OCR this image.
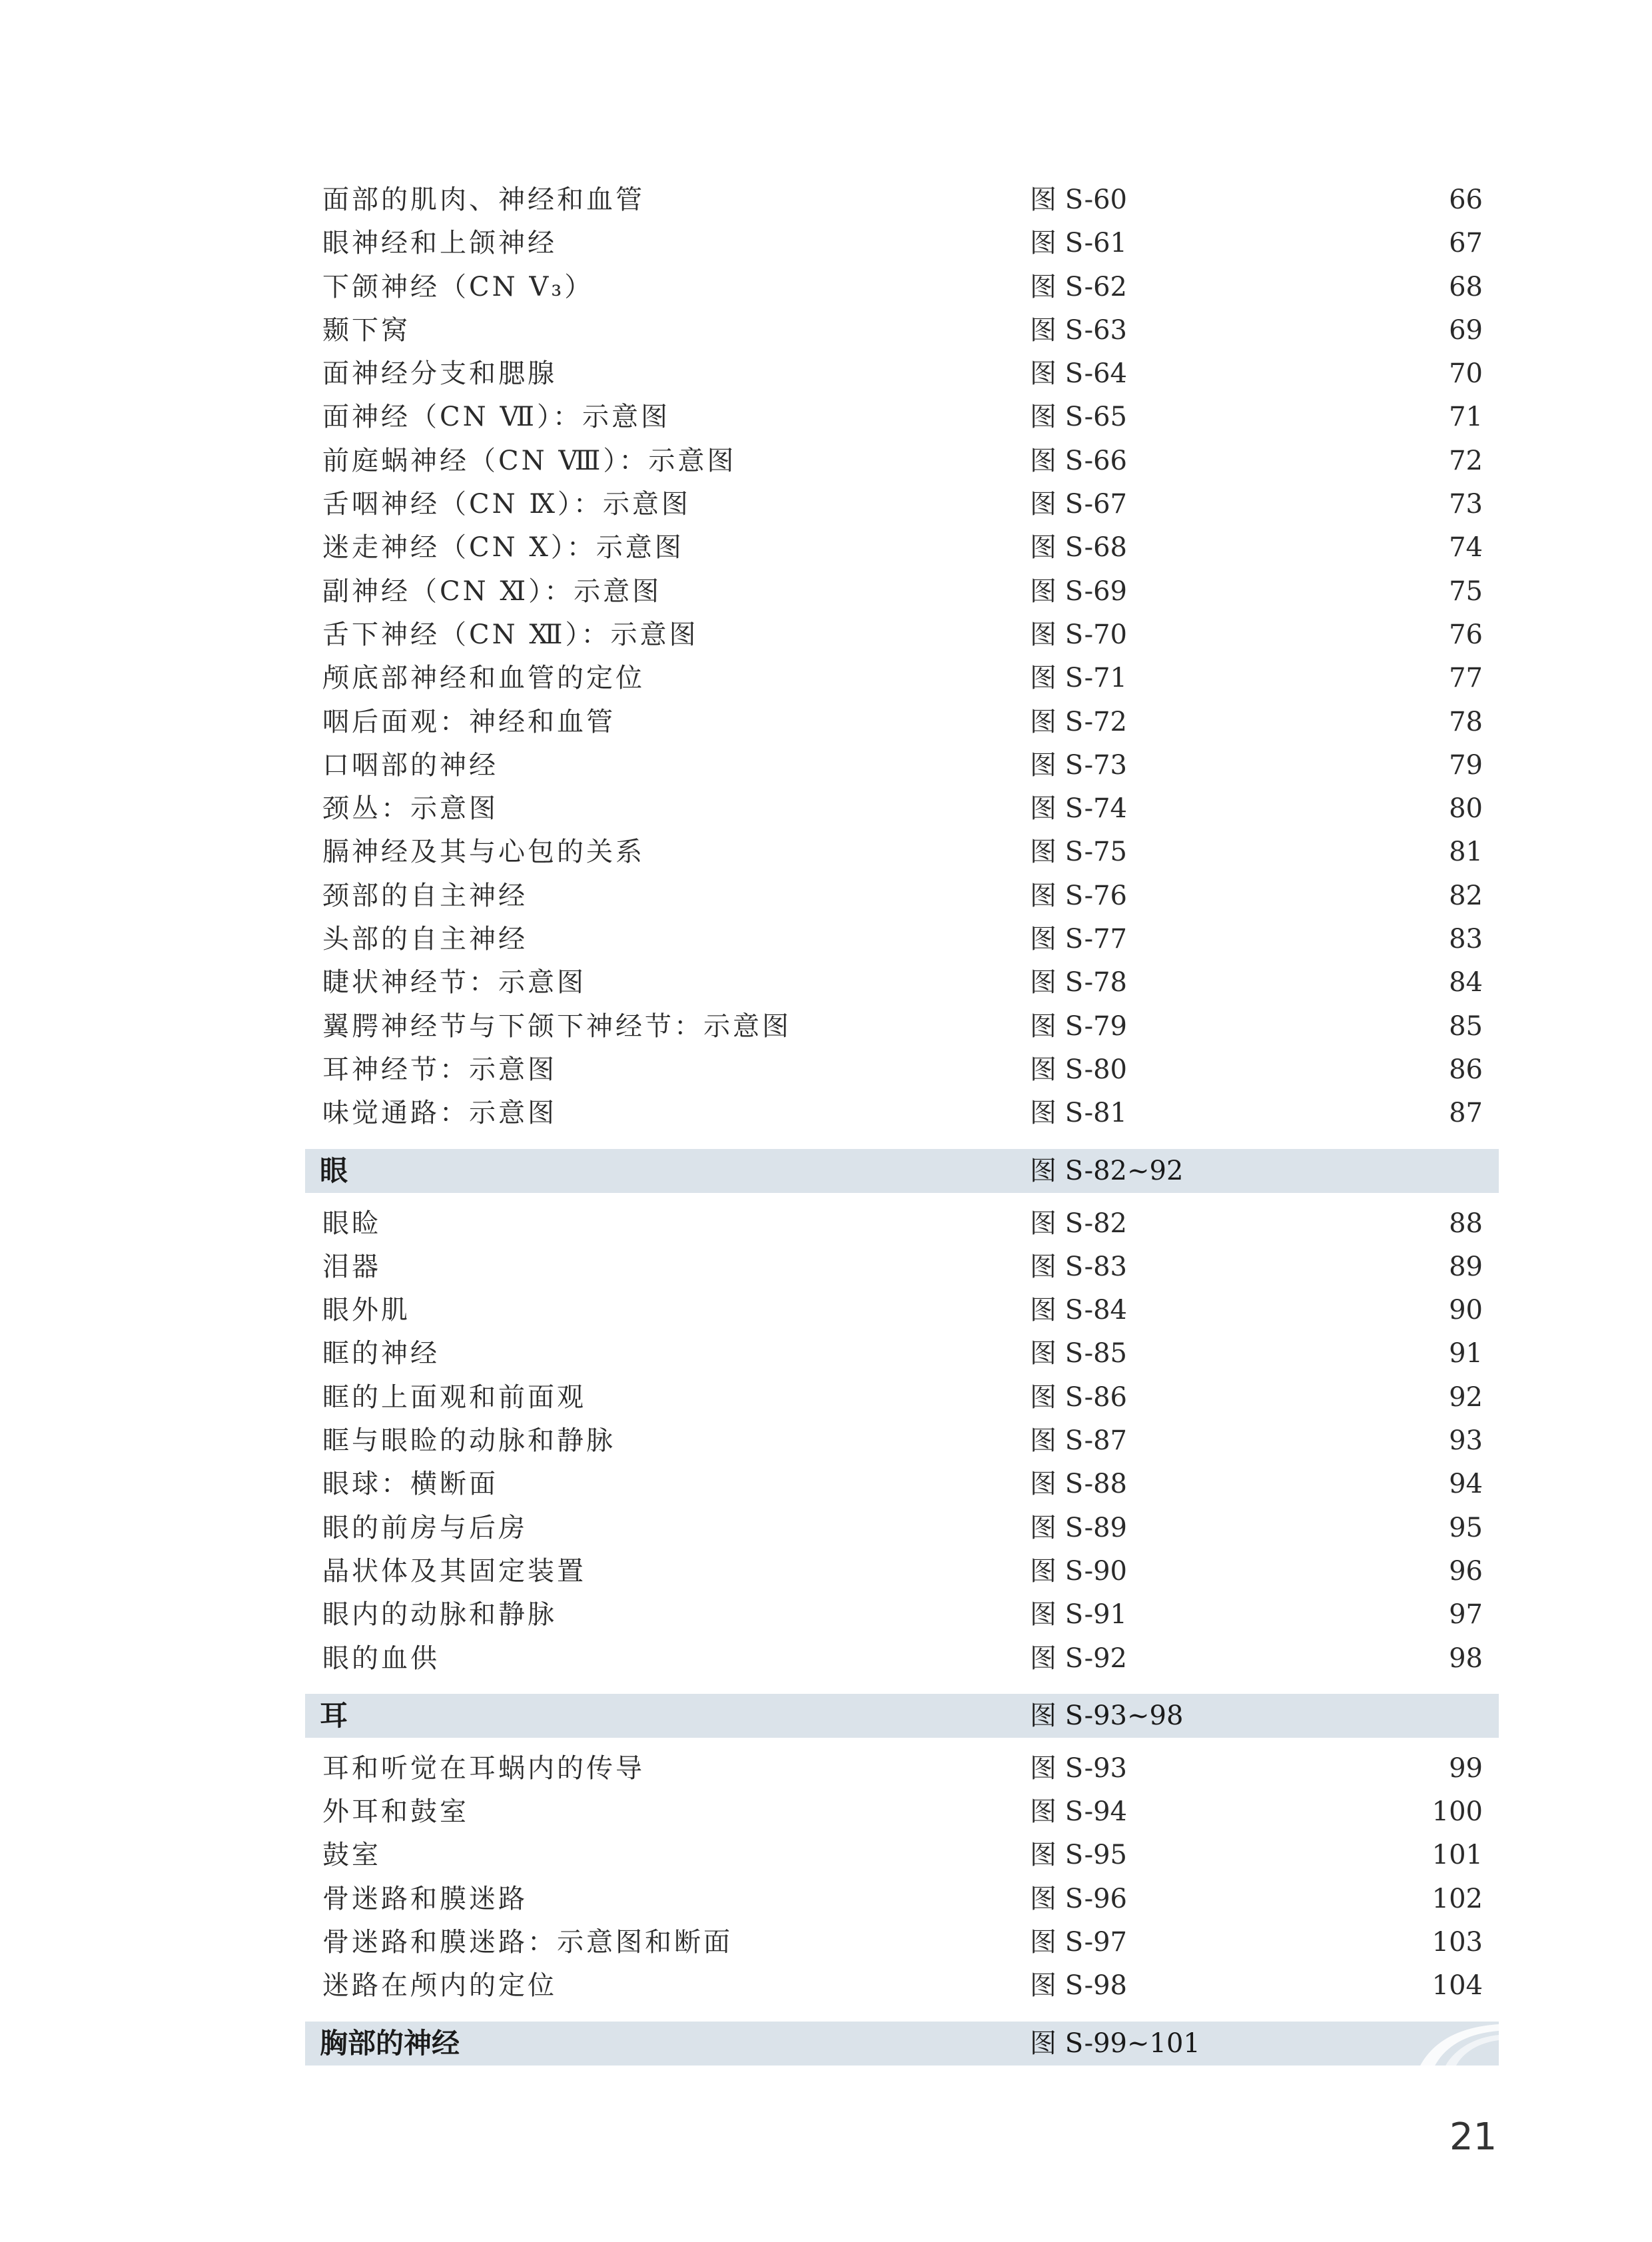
面部的肌肉、神经和血管	图 S-60	66
眼神经和上颌神经	图 S-61	67
下颌神经（CN V₃）	图 S-62	68
颞下窝	图 S-63	69
面神经分支和腮腺	图 S-64	70
面神经（CN Ⅶ）：示意图	图 S-65	71
前庭蜗神经（CN Ⅷ）：示意图	图 S-66	72
舌咽神经（CN Ⅸ）：示意图	图 S-67	73
迷走神经（CN Ⅹ）：示意图	图 S-68	74
副神经（CN Ⅺ）：示意图	图 S-69	75
舌下神经（CN Ⅻ）：示意图	图 S-70	76
颅底部神经和血管的定位	图 S-71	77
咽后面观：神经和血管	图 S-72	78
口咽部的神经	图 S-73	79
颈丛：示意图	图 S-74	80
膈神经及其与心包的关系	图 S-75	81
颈部的自主神经	图 S-76	82
头部的自主神经	图 S-77	83
睫状神经节：示意图	图 S-78	84
翼腭神经节与下颌下神经节：示意图	图 S-79	85
耳神经节：示意图	图 S-80	86
味觉通路：示意图	图 S-81	87
眼	图 S-82~92
眼睑	图 S-82	88
泪器	图 S-83	89
眼外肌	图 S-84	90
眶的神经	图 S-85	91
眶的上面观和前面观	图 S-86	92
眶与眼睑的动脉和静脉	图 S-87	93
眼球：横断面	图 S-88	94
眼的前房与后房	图 S-89	95
晶状体及其固定装置	图 S-90	96
眼内的动脉和静脉	图 S-91	97
眼的血供	图 S-92	98
耳	图 S-93~98
耳和听觉在耳蜗内的传导	图 S-93	99
外耳和鼓室	图 S-94	100
鼓室	图 S-95	101
骨迷路和膜迷路	图 S-96	102
骨迷路和膜迷路：示意图和断面	图 S-97	103
迷路在颅内的定位	图 S-98	104
胸部的神经	图 S-99~101
21
